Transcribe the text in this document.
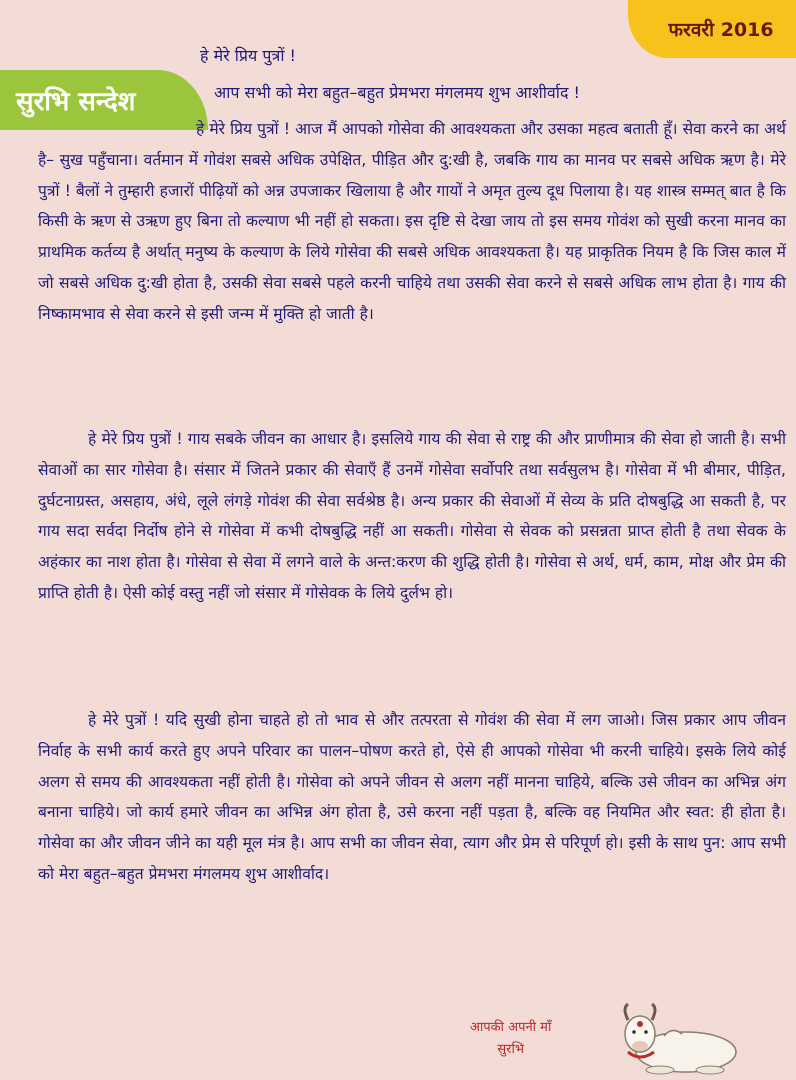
फरवरी 2016
सुरभि सन्देश
हे मेरे प्रिय पुत्रों !
आप सभी को मेरा बहुत–बहुत प्रेमभरा मंगलमय शुभ आशीर्वाद !

हे मेरे प्रिय पुत्रों ! आज मैं आपको गोसेवा की आवश्यकता और उसका महत्व बताती हूँ। सेवा करने का अर्थ है– सुख पहुँचाना। वर्तमान में गोवंश सबसे अधिक उपेक्षित, पीड़ित और दु:खी है, जबकि गाय का मानव पर सबसे अधिक ऋण है। मेरे पुत्रों ! बैलों ने तुम्हारी हजारों पीढ़ियों को अन्न उपजाकर खिलाया है और गायों ने अमृत तुल्य दूध पिलाया है। यह शास्त्र सम्मत् बात है कि किसी के ऋण से उऋण हुए बिना तो कल्याण भी नहीं हो सकता। इस दृष्टि से देखा जाय तो इस समय गोवंश को सुखी करना मानव का प्राथमिक कर्तव्य है अर्थात् मनुष्य के कल्याण के लिये गोसेवा की सबसे अधिक आवश्यकता है। यह प्राकृतिक नियम है कि जिस काल में जो सबसे अधिक दु:खी होता है, उसकी सेवा सबसे पहले करनी चाहिये तथा उसकी सेवा करने से सबसे अधिक लाभ होता है। गाय की निष्कामभाव से सेवा करने से इसी जन्म में मुक्ति हो जाती है।

हे मेरे प्रिय पुत्रों ! गाय सबके जीवन का आधार है। इसलिये गाय की सेवा से राष्ट्र की और प्राणीमात्र की सेवा हो जाती है। सभी सेवाओं का सार गोसेवा है। संसार में जितने प्रकार की सेवाएँ हैं उनमें गोसेवा सर्वोपरि तथा सर्वसुलभ है। गोसेवा में भी बीमार, पीड़ित, दुर्घटनाग्रस्त, असहाय, अंधे, लूले लंगड़े गोवंश की सेवा सर्वश्रेष्ठ है। अन्य प्रकार की सेवाओं में सेव्य के प्रति दोषबुद्धि आ सकती है, पर गाय सदा सर्वदा निर्दोष होने से गोसेवा में कभी दोषबुद्धि नहीं आ सकती। गोसेवा से सेवक को प्रसन्नता प्राप्त होती है तथा सेवक के अहंकार का नाश होता है। गोसेवा से सेवा में लगने वाले के अन्त:करण की शुद्धि होती है। गोसेवा से अर्थ, धर्म, काम, मोक्ष और प्रेम की प्राप्ति होती है। ऐसी कोई वस्तु नहीं जो संसार में गोसेवक के लिये दुर्लभ हो।

हे मेरे पुत्रों ! यदि सुखी होना चाहते हो तो भाव से और तत्परता से गोवंश की सेवा में लग जाओ। जिस प्रकार आप जीवन निर्वाह के सभी कार्य करते हुए अपने परिवार का पालन–पोषण करते हो, ऐसे ही आपको गोसेवा भी करनी चाहिये। इसके लिये कोई अलग से समय की आवश्यकता नहीं होती है। गोसेवा को अपने जीवन से अलग नहीं मानना चाहिये, बल्कि उसे जीवन का अभिन्न अंग बनाना चाहिये। जो कार्य हमारे जीवन का अभिन्न अंग होता है, उसे करना नहीं पड़ता है, बल्कि वह नियमित और स्वत: ही होता है। गोसेवा का और जीवन जीने का यही मूल मंत्र है। आप सभी का जीवन सेवा, त्याग और प्रेम से परिपूर्ण हो। इसी के साथ पुन: आप सभी को मेरा बहुत–बहुत प्रेमभरा मंगलमय शुभ आशीर्वाद।

आपकी अपनी माँ
सुरभि
